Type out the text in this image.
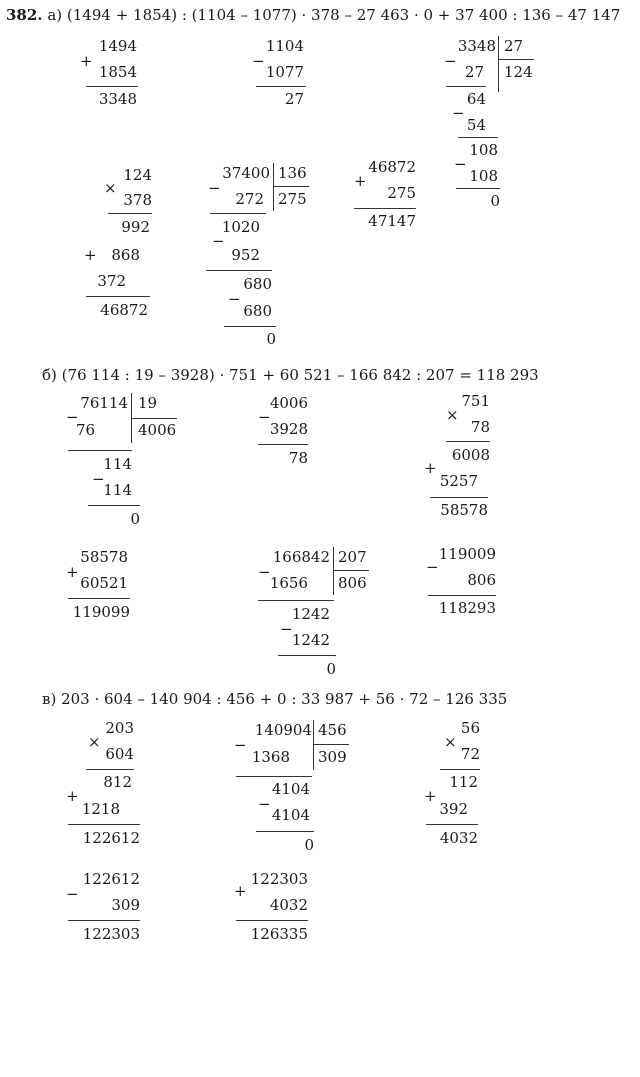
382. а) (1494 + 1854) : (1104 – 1077) · 378 – 27 463 · 0 + 37 400 : 136 – 47 147
+
1494
1854
3348
−
1104
1077
27
−
3348 27
124
27
64
−
54
108
−
108
0
×
124
378
992
+ 868
372
46872
−
37400 136
275
272
1020
−
952
680
−
680
0
+
46872
275
47147
б) (76 114 : 19 – 3928) · 751 + 60 521 – 166 842 : 207 = 118 293
−
76114 19
4006
76
114
−
114
0
−
4006
3928
78
×
751
78
6008
+
5257
58578
+
58578
60521
119099
−
166842 207
806
1656
1242
−
1242
0
−
119009
806
118293
в) 203 · 604 – 140 904 : 456 + 0 : 33 987 + 56 · 72 – 126 335
×
203
604
812
+
1218
122612
−
140904 456
309
1368
4104
−
4104
0
×
56
72
112
+
392
4032
−
122612
309
122303
+
122303
4032
126335
